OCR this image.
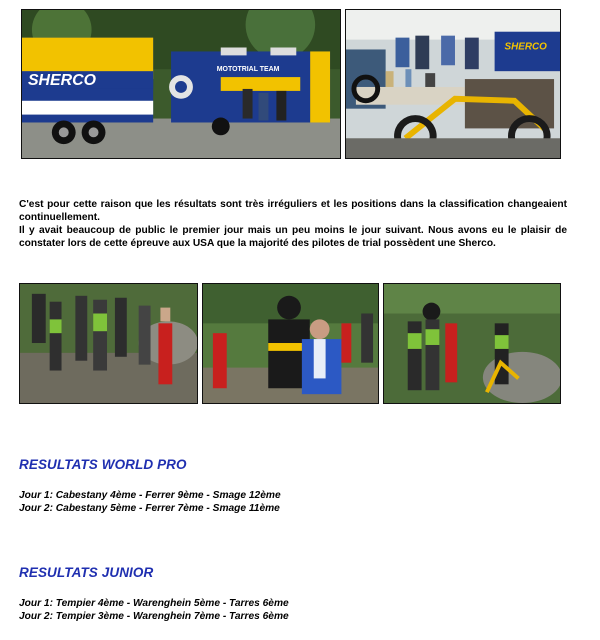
SHERCO
MOTOTRIAL TEAM
SHERCO

C'est pour cette raison que les résultats sont très irréguliers et les positions dans la classification changeaient continuellement.

Il y avait beaucoup de public le premier jour mais un peu moins le jour suivant. Nous avons eu le plaisir de constater lors de cette épreuve aux USA que la majorité des pilotes de trial possèdent une Sherco.

RESULTATS WORLD PRO

Jour 1: Cabestany 4ème - Ferrer 9ème - Smage 12ème

Jour 2: Cabestany 5ème - Ferrer 7ème - Smage 11ème

RESULTATS JUNIOR

Jour 1: Tempier 4ème - Warenghein 5ème - Tarres 6ème

Jour 2: Tempier 3ème - Warenghein 7ème - Tarres 6ème
